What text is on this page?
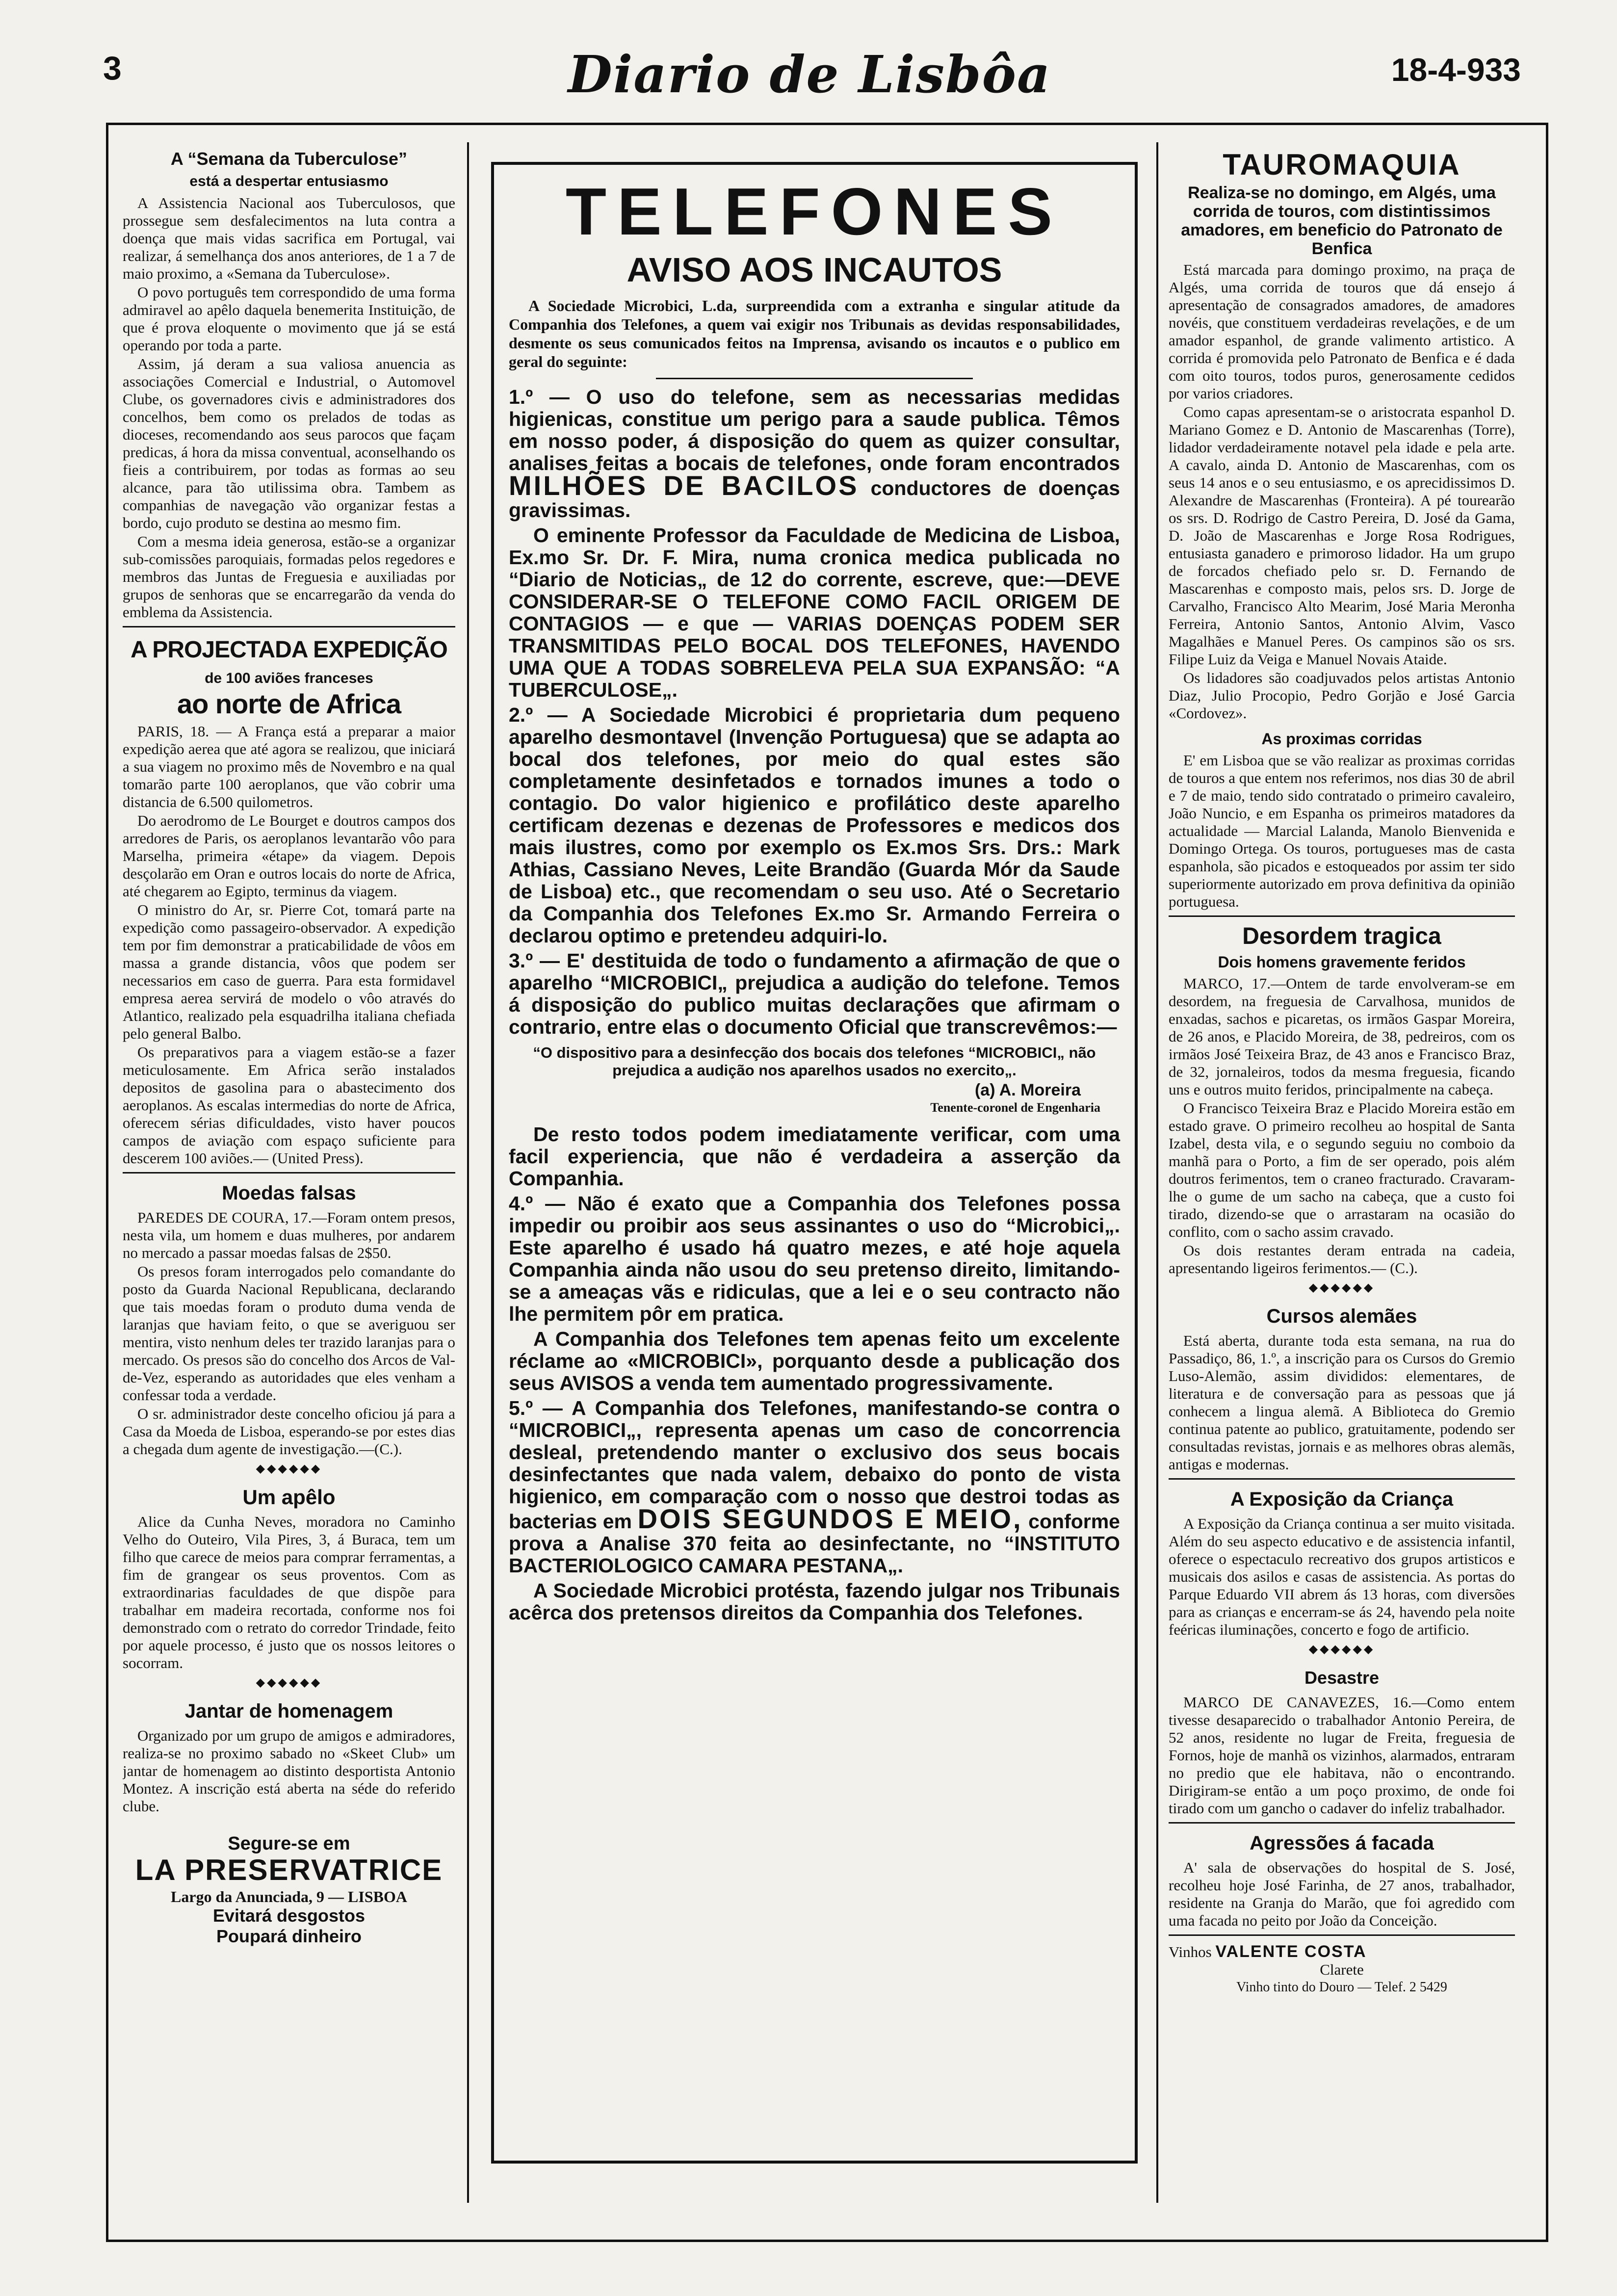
3	Diario de Lisbôa	18-4-933
A “Semana da Tuberculose”
está a despertar entusiasmo

A Assistencia Nacional aos Tuberculosos, que prossegue sem desfalecimentos na luta contra a doença que mais vidas sacrifica em Portugal, vai realizar, á semelhança dos anos anteriores, de 1 a 7 de maio proximo, a «Semana da Tuberculose».

O povo português tem correspondido de uma forma admiravel ao apêlo daquela benemerita Instituição, de que é prova eloquente o movimento que já se está operando por toda a parte.

Assim, já deram a sua valiosa anuencia as associações Comercial e Industrial, o Automovel Clube, os governadores civis e administradores dos concelhos, bem como os prelados de todas as dioceses, recomendando aos seus parocos que façam predicas, á hora da missa conventual, aconselhando os fieis a contribuirem, por todas as formas ao seu alcance, para tão utilissima obra. Tambem as companhias de navegação vão organizar festas a bordo, cujo produto se destina ao mesmo fim.

Com a mesma ideia generosa, estão-se a organizar sub-comissões paroquiais, formadas pelos regedores e membros das Juntas de Freguesia e auxiliadas por grupos de senhoras que se encarregarão da venda do emblema da Assistencia.

A PROJECTADA EXPEDIÇÃO
de 100 aviões franceses
ao norte de Africa

PARIS, 18. — A França está a preparar a maior expedição aerea que até agora se realizou, que iniciará a sua viagem no proximo mês de Novembro e na qual tomarão parte 100 aeroplanos, que vão cobrir uma distancia de 6.500 quilometros.

Do aerodromo de Le Bourget e doutros campos dos arredores de Paris, os aeroplanos levantarão vôo para Marselha, primeira «étape» da viagem. Depois desçolarão em Oran e outros locais do norte de Africa, até chegarem ao Egipto, terminus da viagem.

O ministro do Ar, sr. Pierre Cot, tomará parte na expedição como passageiro-observador. A expedição tem por fim demonstrar a praticabilidade de vôos em massa a grande distancia, vôos que podem ser necessarios em caso de guerra. Para esta formidavel empresa aerea servirá de modelo o vôo através do Atlantico, realizado pela esquadrilha italiana chefiada pelo general Balbo.

Os preparativos para a viagem estão-se a fazer meticulosamente. Em Africa serão instalados depositos de gasolina para o abastecimento dos aeroplanos. As escalas intermedias do norte de Africa, oferecem sérias dificuldades, visto haver poucos campos de aviação com espaço suficiente para descerem 100 aviões.— (United Press).

Moedas falsas

PAREDES DE COURA, 17.—Foram ontem presos, nesta vila, um homem e duas mulheres, por andarem no mercado a passar moedas falsas de 2$50.

Os presos foram interrogados pelo comandante do posto da Guarda Nacional Republicana, declarando que tais moedas foram o produto duma venda de laranjas que haviam feito, o que se averiguou ser mentira, visto nenhum deles ter trazido laranjas para o mercado. Os presos são do concelho dos Arcos de Val-de-Vez, esperando as autoridades que eles venham a confessar toda a verdade.

O sr. administrador deste concelho oficiou já para a Casa da Moeda de Lisboa, esperando-se por estes dias a chegada dum agente de investigação.—(C.).

◆◆◆◆◆◆
Um apêlo

Alice da Cunha Neves, moradora no Caminho Velho do Outeiro, Vila Pires, 3, á Buraca, tem um filho que carece de meios para comprar ferramentas, a fim de grangear os seus proventos. Com as extraordinarias faculdades de que dispõe para trabalhar em madeira recortada, conforme nos foi demonstrado com o retrato do corredor Trindade, feito por aquele processo, é justo que os nossos leitores o socorram.

◆◆◆◆◆◆
Jantar de homenagem

Organizado por um grupo de amigos e admiradores, realiza-se no proximo sabado no «Skeet Club» um jantar de homenagem ao distinto desportista Antonio Montez. A inscrição está aberta na séde do referido clube.

Segure-se em
LA PRESERVATRICE
Largo da Anunciada, 9 — LISBOA
Evitará desgostos
Poupará dinheiro
TELEFONES
AVISO AOS INCAUTOS

A Sociedade Microbici, L.da, surpreendida com a extranha e singular atitude da Companhia dos Telefones, a quem vai exigir nos Tribunais as devidas responsabilidades, desmente os seus comunicados feitos na Imprensa, avisando os incautos e o publico em geral do seguinte:

1.º — O uso do telefone, sem as necessarias medidas higienicas, constitue um perigo para a saude publica. Têmos em nosso poder, á disposição do quem as quizer consultar, analises feitas a bocais de telefones, onde foram encontrados MILHÕES DE BACILOS conductores de doenças gravissimas.

O eminente Professor da Faculdade de Medicina de Lisboa, Ex.mo Sr. Dr. F. Mira, numa cronica medica publicada no “Diario de Noticias„ de 12 do corrente, escreve, que:—DEVE CONSIDERAR-SE O TELEFONE COMO FACIL ORIGEM DE CONTAGIOS — e que — VARIAS DOENÇAS PODEM SER TRANSMITIDAS PELO BOCAL DOS TELEFONES, HAVENDO UMA QUE A TODAS SOBRELEVA PELA SUA EXPANSÃO: “A TUBERCULOSE„.

2.º — A Sociedade Microbici é proprietaria dum pequeno aparelho desmontavel (Invenção Portuguesa) que se adapta ao bocal dos telefones, por meio do qual estes são completamente desinfetados e tornados imunes a todo o contagio. Do valor higienico e profilático deste aparelho certificam dezenas e dezenas de Professores e medicos dos mais ilustres, como por exemplo os Ex.mos Srs. Drs.: Mark Athias, Cassiano Neves, Leite Brandão (Guarda Mór da Saude de Lisboa) etc., que recomendam o seu uso. Até o Secretario da Companhia dos Telefones Ex.mo Sr. Armando Ferreira o declarou optimo e pretendeu adquiri-lo.

3.º — E' destituida de todo o fundamento a afirmação de que o aparelho “MICROBICI„ prejudica a audição do telefone. Temos á disposição do publico muitas declarações que afirmam o contrario, entre elas o documento Oficial que transcrevêmos:—

“O dispositivo para a desinfecção dos bocais dos telefones “MICROBICI„ não prejudica a audição nos aparelhos usados no exercito„.
(a) A. Moreira
Tenente-coronel de Engenharia

De resto todos podem imediatamente verificar, com uma facil experiencia, que não é verdadeira a asserção da Companhia.

4.º — Não é exato que a Companhia dos Telefones possa impedir ou proibir aos seus assinantes o uso do “Microbici„. Este aparelho é usado há quatro mezes, e até hoje aquela Companhia ainda não usou do seu pretenso direito, limitando-se a ameaças vãs e ridiculas, que a lei e o seu contracto não lhe permitem pôr em pratica.

A Companhia dos Telefones tem apenas feito um excelente réclame ao «MICROBICI», porquanto desde a publicação dos seus AVISOS a venda tem aumentado progressivamente.

5.º — A Companhia dos Telefones, manifestando-se contra o “MICROBICI„, representa apenas um caso de concorrencia desleal, pretendendo manter o exclusivo dos seus bocais desinfectantes que nada valem, debaixo do ponto de vista higienico, em comparação com o nosso que destroi todas as bacterias em DOIS SEGUNDOS E MEIO, conforme prova a Analise 370 feita ao desinfectante, no “INSTITUTO BACTERIOLOGICO CAMARA PESTANA„.

A Sociedade Microbici protésta, fazendo julgar nos Tribunais acêrca dos pretensos direitos da Companhia dos Telefones.

TAUROMAQUIA
Realiza-se no domingo, em Algés, uma corrida de touros, com distintissimos amadores, em beneficio do Patronato de Benfica

Está marcada para domingo proximo, na praça de Algés, uma corrida de touros que dá ensejo á apresentação de consagrados amadores, de amadores novéis, que constituem verdadeiras revelações, e de um amador espanhol, de grande valimento artistico. A corrida é promovida pelo Patronato de Benfica e é dada com oito touros, todos puros, generosamente cedidos por varios criadores.

Como capas apresentam-se o aristocrata espanhol D. Mariano Gomez e D. Antonio de Mascarenhas (Torre), lidador verdadeiramente notavel pela idade e pela arte. A cavalo, ainda D. Antonio de Mascarenhas, com os seus 14 anos e o seu entusiasmo, e os aprecidissimos D. Alexandre de Mascarenhas (Fronteira). A pé tourearão os srs. D. Rodrigo de Castro Pereira, D. José da Gama, D. João de Mascarenhas e Jorge Rosa Rodrigues, entusiasta ganadero e primoroso lidador. Ha um grupo de forcados chefiado pelo sr. D. Fernando de Mascarenhas e composto mais, pelos srs. D. Jorge de Carvalho, Francisco Alto Mearim, José Maria Meronha Ferreira, Antonio Santos, Antonio Alvim, Vasco Magalhães e Manuel Peres. Os campinos são os srs. Filipe Luiz da Veiga e Manuel Novais Ataide.

Os lidadores são coadjuvados pelos artistas Antonio Diaz, Julio Procopio, Pedro Gorjão e José Garcia «Cordovez».

As proximas corridas

E' em Lisboa que se vão realizar as proximas corridas de touros a que entem nos referimos, nos dias 30 de abril e 7 de maio, tendo sido contratado o primeiro cavaleiro, João Nuncio, e em Espanha os primeiros matadores da actualidade — Marcial Lalanda, Manolo Bienvenida e Domingo Ortega. Os touros, portugueses mas de casta espanhola, são picados e estoqueados por assim ter sido superiormente autorizado em prova definitiva da opinião portuguesa.

Desordem tragica
Dois homens gravemente feridos

MARCO, 17.—Ontem de tarde envolveram-se em desordem, na freguesia de Carvalhosa, munidos de enxadas, sachos e picaretas, os irmãos Gaspar Moreira, de 26 anos, e Placido Moreira, de 38, pedreiros, com os irmãos José Teixeira Braz, de 43 anos e Francisco Braz, de 32, jornaleiros, todos da mesma freguesia, ficando uns e outros muito feridos, principalmente na cabeça.

O Francisco Teixeira Braz e Placido Moreira estão em estado grave. O primeiro recolheu ao hospital de Santa Izabel, desta vila, e o segundo seguiu no comboio da manhã para o Porto, a fim de ser operado, pois além doutros ferimentos, tem o craneo fracturado. Cravaram-lhe o gume de um sacho na cabeça, que a custo foi tirado, dizendo-se que o arrastaram na ocasião do conflito, com o sacho assim cravado.

Os dois restantes deram entrada na cadeia, apresentando ligeiros ferimentos.— (C.).

◆◆◆◆◆◆
Cursos alemães

Está aberta, durante toda esta semana, na rua do Passadiço, 86, 1.º, a inscrição para os Cursos do Gremio Luso-Alemão, assim divididos: elementares, de literatura e de conversação para as pessoas que já conhecem a lingua alemã. A Biblioteca do Gremio continua patente ao publico, gratuitamente, podendo ser consultadas revistas, jornais e as melhores obras alemãs, antigas e modernas.

A Exposição da Criança

A Exposição da Criança continua a ser muito visitada. Além do seu aspecto educativo e de assistencia infantil, oferece o espectaculo recreativo dos grupos artisticos e musicais dos asilos e casas de assistencia. As portas do Parque Eduardo VII abrem ás 13 horas, com diversões para as crianças e encerram-se ás 24, havendo pela noite feéricas iluminações, concerto e fogo de artificio.

◆◆◆◆◆◆
Desastre

MARCO DE CANAVEZES, 16.—Como entem tivesse desaparecido o trabalhador Antonio Pereira, de 52 anos, residente no lugar de Freita, freguesia de Fornos, hoje de manhã os vizinhos, alarmados, entraram no predio que ele habitava, não o encontrando. Dirigiram-se então a um poço proximo, de onde foi tirado com um gancho o cadaver do infeliz trabalhador.

Agressões á facada

A' sala de observações do hospital de S. José, recolheu hoje José Farinha, de 27 anos, trabalhador, residente na Granja do Marão, que foi agredido com uma facada no peito por João da Conceição.

Vinhos VALENTE COSTA
Clarete
Vinho tinto do Douro — Telef. 2 5429
